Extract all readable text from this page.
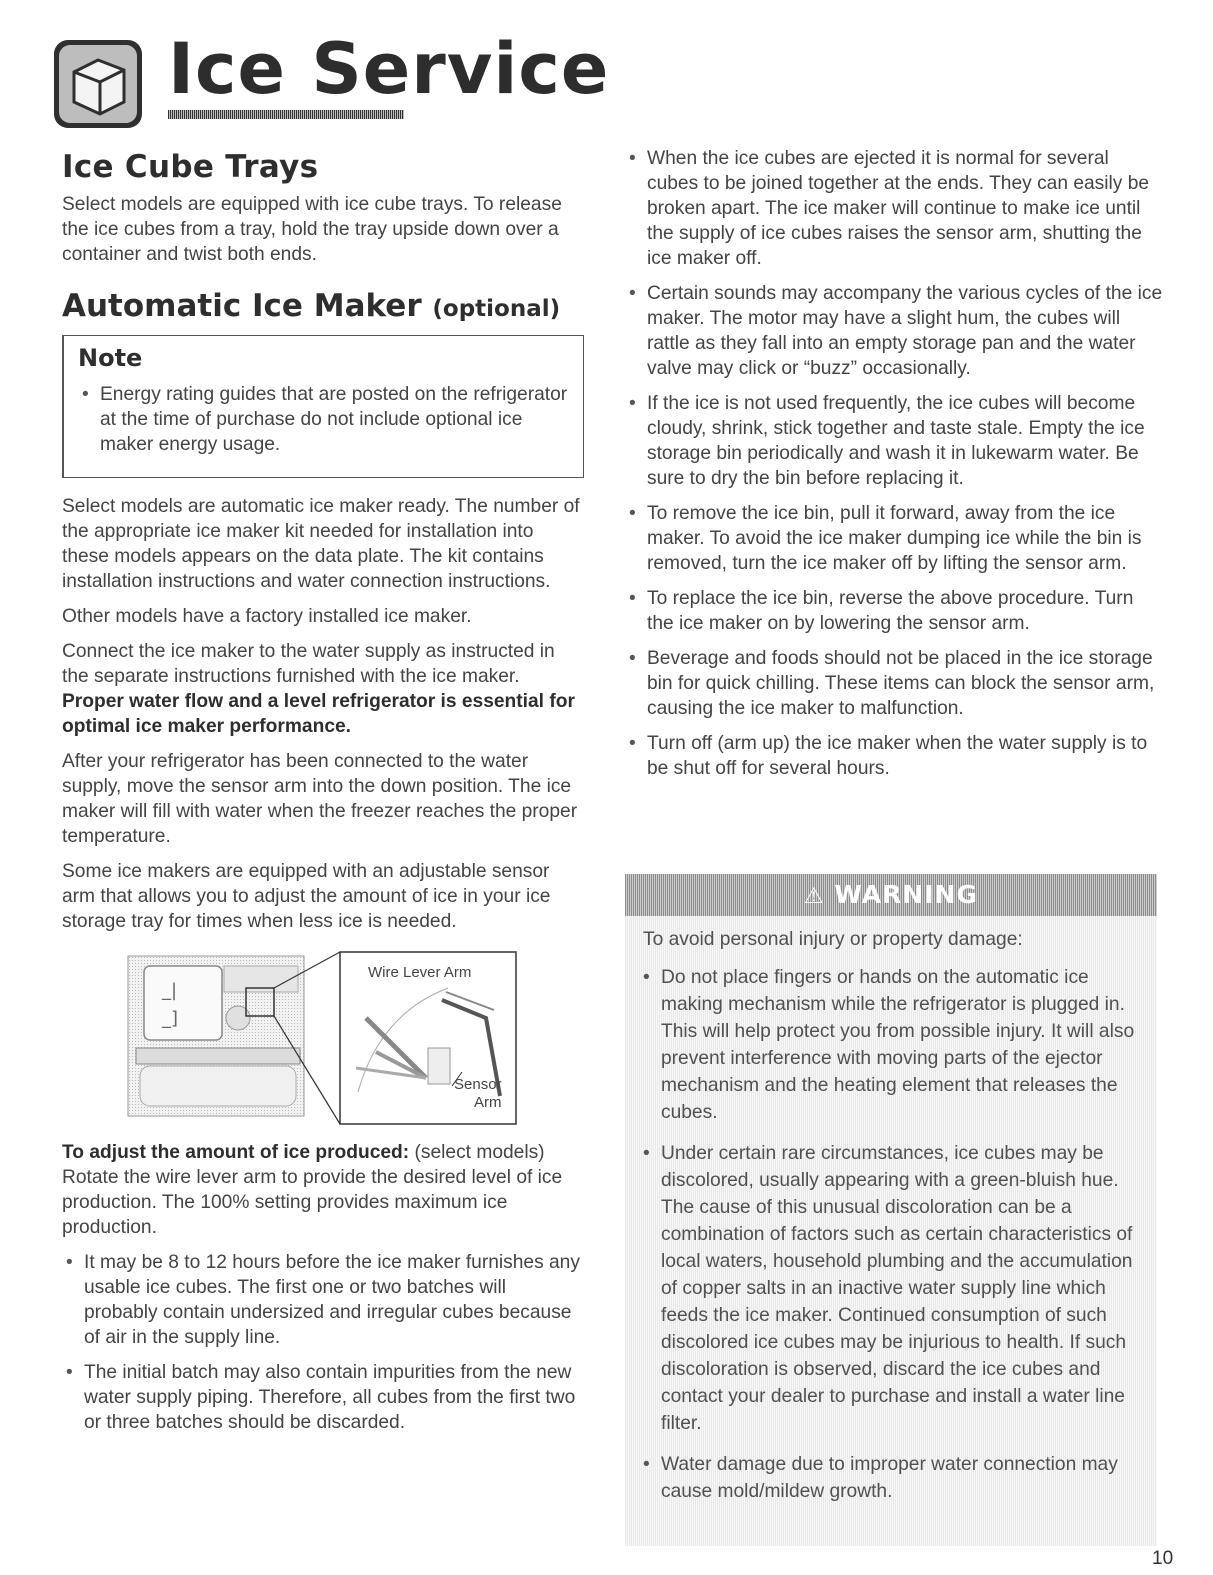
Ice Service
Ice Cube Trays

Select models are equipped with ice cube trays. To release the ice cubes from a tray, hold the tray upside down over a container and twist both ends.

Automatic Ice Maker (optional)
Note
• Energy rating guides that are posted on the refrigerator at the time of purchase do not include optional ice maker energy usage.

Select models are automatic ice maker ready. The number of the appropriate ice maker kit needed for installation into these models appears on the data plate. The kit contains installation instructions and water connection instructions.

Other models have a factory installed ice maker.

Connect the ice maker to the water supply as instructed in the separate instructions furnished with the ice maker. Proper water flow and a level refrigerator is essential for optimal ice maker performance.

After your refrigerator has been connected to the water supply, move the sensor arm into the down position. The ice maker will fill with water when the freezer reaches the proper temperature.

Some ice makers are equipped with an adjustable sensor arm that allows you to adjust the amount of ice in your ice storage tray for times when less ice is needed.

_|
_]
Wire Lever Arm
Sensor
Arm

To adjust the amount of ice produced: (select models) Rotate the wire lever arm to provide the desired level of ice production. The 100% setting provides maximum ice production.

• It may be 8 to 12 hours before the ice maker furnishes any usable ice cubes. The first one or two batches will probably contain undersized and irregular cubes because of air in the supply line.
• The initial batch may also contain impurities from the new water supply piping. Therefore, all cubes from the first two or three batches should be discarded.
• When the ice cubes are ejected it is normal for several cubes to be joined together at the ends. They can easily be broken apart. The ice maker will continue to make ice until the supply of ice cubes raises the sensor arm, shutting the ice maker off.
• Certain sounds may accompany the various cycles of the ice maker. The motor may have a slight hum, the cubes will rattle as they fall into an empty storage pan and the water valve may click or “buzz” occasionally.
• If the ice is not used frequently, the ice cubes will become cloudy, shrink, stick together and taste stale. Empty the ice storage bin periodically and wash it in lukewarm water. Be sure to dry the bin before replacing it.
• To remove the ice bin, pull it forward, away from the ice maker. To avoid the ice maker dumping ice while the bin is removed, turn the ice maker off by lifting the sensor arm.
• To replace the ice bin, reverse the above procedure. Turn the ice maker on by lowering the sensor arm.
• Beverage and foods should not be placed in the ice storage bin for quick chilling. These items can block the sensor arm, causing the ice maker to malfunction.
• Turn off (arm up) the ice maker when the water supply is to be shut off for several hours.
⚠ WARNING

To avoid personal injury or property damage:

• Do not place fingers or hands on the automatic ice making mechanism while the refrigerator is plugged in. This will help protect you from possible injury. It will also prevent interference with moving parts of the ejector mechanism and the heating element that releases the cubes.
• Under certain rare circumstances, ice cubes may be discolored, usually appearing with a green-bluish hue. The cause of this unusual discoloration can be a combination of factors such as certain characteristics of local waters, household plumbing and the accumulation of copper salts in an inactive water supply line which feeds the ice maker. Continued consumption of such discolored ice cubes may be injurious to health. If such discoloration is observed, discard the ice cubes and contact your dealer to purchase and install a water line filter.
• Water damage due to improper water connection may cause mold/mildew growth.
10
